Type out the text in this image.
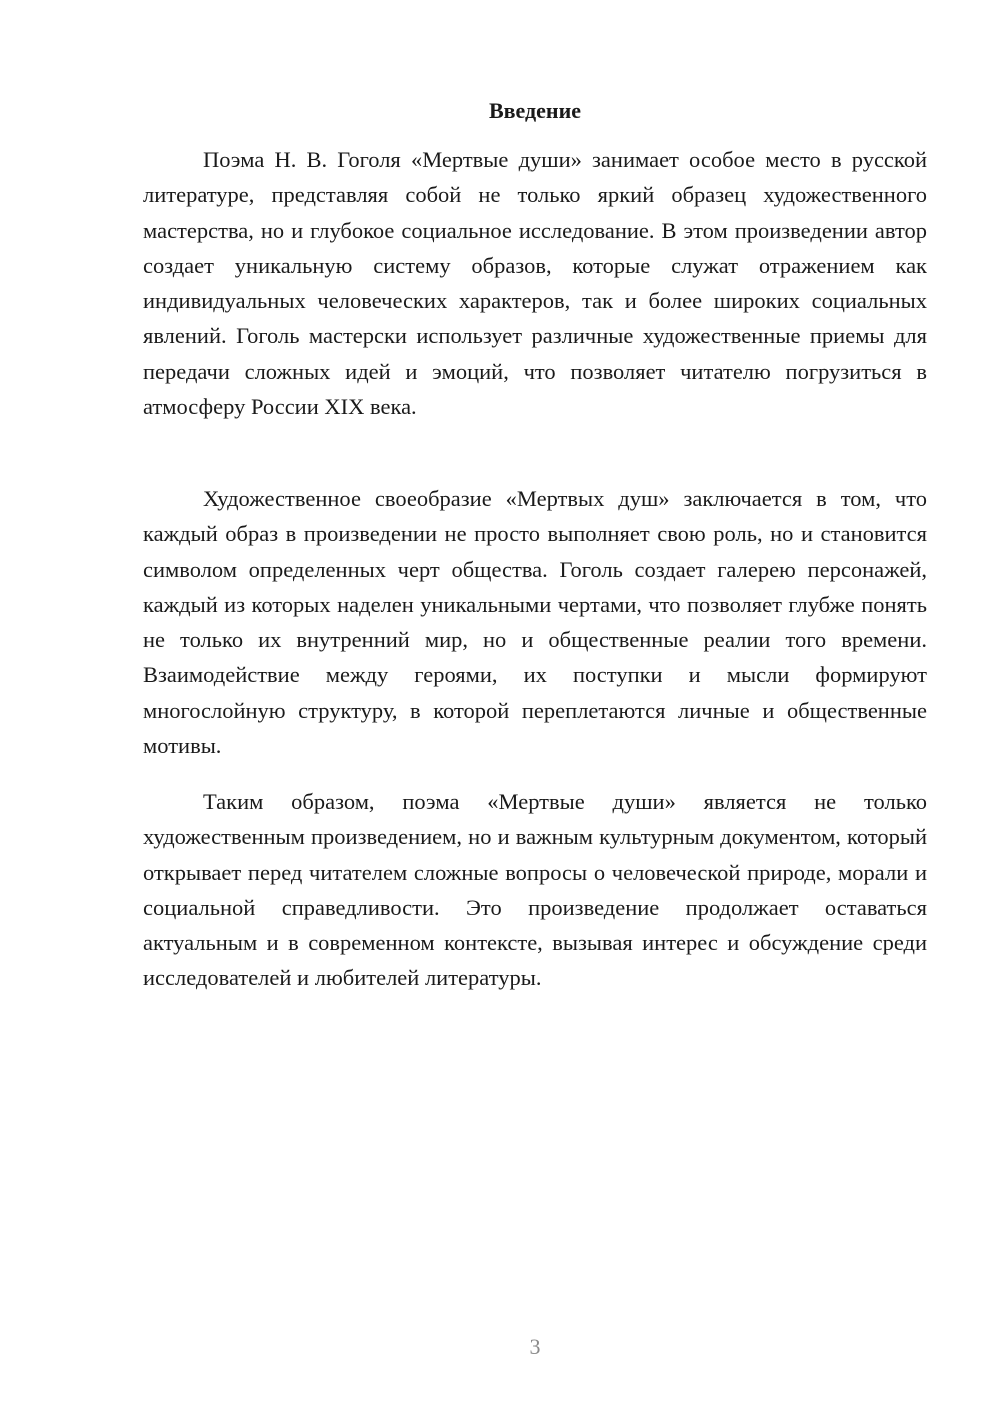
Введение

Поэма Н. В. Гоголя «Мертвые души» занимает особое место в русской литературе, представляя собой не только яркий образец художественного мастерства, но и глубокое социальное исследование. В этом произведении автор создает уникальную систему образов, которые служат отражением как индивидуальных человеческих характеров, так и более широких социальных явлений. Гоголь мастерски использует различные художественные приемы для передачи сложных идей и эмоций, что позволяет читателю погрузиться в атмосферу России XIX века.

Художественное своеобразие «Мертвых душ» заключается в том, что каждый образ в произведении не просто выполняет свою роль, но и становится символом определенных черт общества. Гоголь создает галерею персонажей, каждый из которых наделен уникальными чертами, что позволяет глубже понять не только их внутренний мир, но и общественные реалии того времени. Взаимодействие между героями, их поступки и мысли формируют многослойную структуру, в которой переплетаются личные и общественные мотивы.

Таким образом, поэма «Мертвые души» является не только художественным произведением, но и важным культурным документом, который открывает перед читателем сложные вопросы о человеческой природе, морали и социальной справедливости. Это произведение продолжает оставаться актуальным и в современном контексте, вызывая интерес и обсуждение среди исследователей и любителей литературы.

3
